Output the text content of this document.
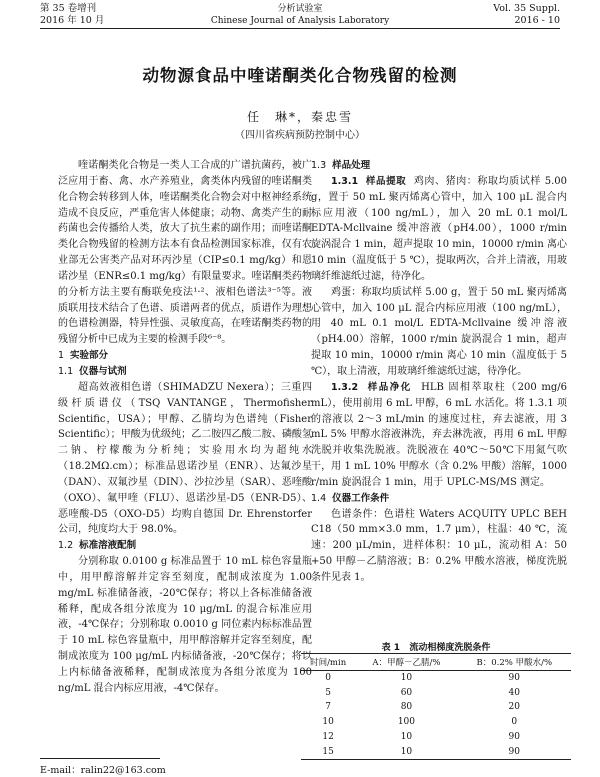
第 35 卷增刊
2016 年 10 月
分析试验室
Chinese Journal of Analysis Laboratory
Vol. 35 Suppl.
2016 - 10
动物源食品中喹诺酮类化合物残留的检测
任　琳*，秦忠雪
（四川省疾病预防控制中心）

喹诺酮类化合物是一类人工合成的广谱抗菌药，被广泛应用于畜、禽、水产养殖业，禽类体内残留的喹诺酮类化合物会转移到人体，喹诺酮类化合物会对中枢神经系统造成不良反应，严重危害人体健康；动物、禽类产生的耐药菌也会传播给人类，放大了抗生素的副作用；而喹诺酮类化合物残留的检测方法本有食品检测国家标准，仅有农业部无公害类产品对环丙沙星（CIP≤0.1 mg/kg）和恩诺沙星（ENR≤0.1 mg/kg）有限量要求。喹诺酮类药物的分析方法主要有酶联免疫法¹·²、液相色谱法³⁻⁵等。液质联用技术结合了色谱、质谱两者的优点，质谱作为理想的色谱检测器，特异性强、灵敏度高，在喹诺酮类药物的残留分析中已成为主要的检测手段⁶⁻⁸。

1 实验部分
1.1 仪器与试剂

超高效液相色谱（SHIMADZU Nexera）；三重四级杆质谱仪（TSQ VANTANGE，Thermofisher Scientific，USA）；甲醇、乙腈均为色谱纯（Fisher Scientific）；甲酸为优级纯；乙二胺四乙酸二胺、磷酸氢二钠、柠檬酸为分析纯；实验用水均为超纯水（18.2MΩ.cm）；标准品恩诺沙星（ENR）、达氟沙星（DAN）、双氟沙星（DIN）、沙拉沙星（SAR）、恶喹酸（OXO）、氟甲喹（FLU）、恩诺沙星-D5（ENR-D5）、恶喹酸-D5（OXO-D5）均购自德国 Dr. Ehrenstorfer 公司，纯度均大于 98.0%。

1.2 标准溶液配制

分别称取 0.0100 g 标准品置于 10 mL 棕色容量瓶中，用甲醇溶解并定容至刻度，配制成浓度为 1.00 mg/mL 标准储备液，-20℃保存；将以上各标准储备液稀释，配成各组分浓度为 10 μg/mL 的混合标准应用液，-4℃保存；分别称取 0.0010 g 同位素内标标准品置于 10 mL 棕色容量瓶中，用甲醇溶解并定容至刻度，配制成浓度为 100 μg/mL 内标储备液，-20℃保存；将以上内标储备液稀释，配制成浓度为各组分浓度为 100 ng/mL 混合内标应用液，-4℃保存。

1.3 样品处理

1.3.1 样品提取 鸡肉、猪肉：称取均质试样 5.00 g，置于 50 mL 聚丙烯离心管中，加入 100 μL 混合内标应用液（100 ng/mL），加入 20 mL 0.1 mol/L EDTA-Mcllvaine 缓冲溶液（pH4.00），1000 r/min 旋涡混合 1 min，超声提取 10 min，10000 r/min 离心 10 min（温度低于 5 ℃），提取两次，合并上清液，用玻璃纤维滤纸过滤，待净化。

鸡蛋：称取均质试样 5.00 g，置于 50 mL 聚丙烯离心管中，加入 100 μL 混合内标应用液（100 ng/mL），用 40 mL 0.1 mol/L EDTA-Mcllvaine 缓冲溶液（pH4.00）溶解，1000 r/min 旋涡混合 1 min，超声提取 10 min，10000 r/min 离心 10 min（温度低于 5 ℃），取上清液，用玻璃纤维滤纸过滤，待净化。

1.3.2 样品净化 HLB 固相萃取柱（200 mg/6 mL），使用前用 6 mL 甲醇，6 mL 水活化。将 1.3.1 项的溶液以 2～3 mL/min 的速度过柱，弃去滤液，用 3 mL 5% 甲醇水溶液淋洗，弃去淋洗液，再用 6 mL 甲醇洗脱并收集洗脱液。洗脱液在 40℃～50℃下用氮气吹干，用 1 mL 10% 甲醇水（含 0.2% 甲酸）溶解，1000 r/min 旋涡混合 1 min，用于 UPLC-MS/MS 测定。

1.4 仪器工作条件

色谱条件：色谱柱 Waters ACQUITY UPLC BEH C18（50 mm×3.0 mm，1.7 μm），柱温：40 ℃，流速：200 μL/min，进样体积：10 μL，流动相 A：50 +50 甲醇－乙腈溶液；B：0.2% 甲酸水溶液，梯度洗脱条件见表 1。

表 1 流动相梯度洗脱条件
时间/min	A：甲醇－乙腈/%	B：0.2% 甲酸水/%
0	10	90
5	60	40
7	80	20
10	100	0
12	10	90
15	10	90
E-mail：ralin22@163.com
